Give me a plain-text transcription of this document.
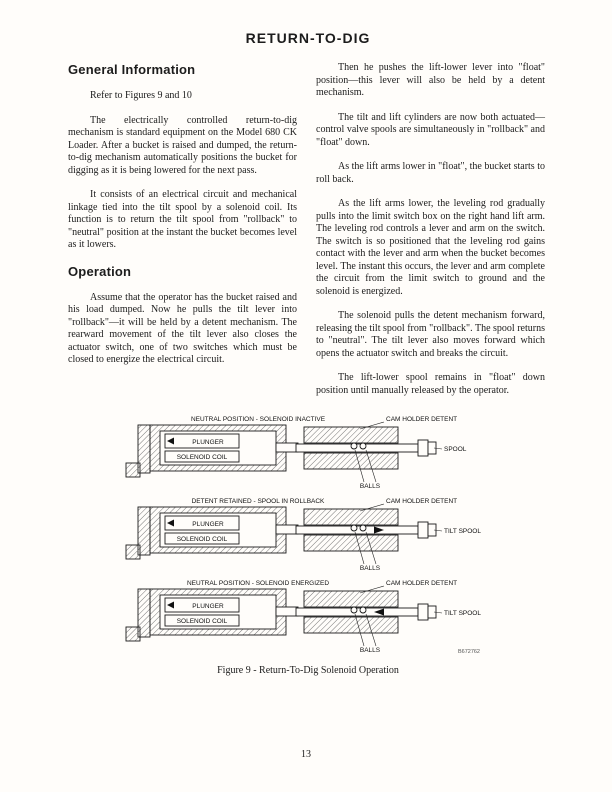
RETURN-TO-DIG
General Information

Refer to Figures 9 and 10

The electrically controlled return-to-dig mechanism is standard equipment on the Model 680 CK Loader. After a bucket is raised and dumped, the return-to-dig mechanism automatically positions the bucket for digging as it is being lowered for the next pass.

It consists of an electrical circuit and mechanical linkage tied into the tilt spool by a solenoid coil. Its function is to return the tilt spool from "rollback" to "neutral" position at the instant the bucket becomes level as it lowers.

Operation

Assume that the operator has the bucket raised and his load dumped. Now he pulls the tilt lever into "rollback"—it will be held by a detent mechanism. The rearward movement of the tilt lever also closes the actuator switch, one of two switches which must be closed to energize the electrical circuit.

Then he pushes the lift-lower lever into "float" position—this lever will also be held by a detent mechanism.

The tilt and lift cylinders are now both actuated—control valve spools are simultaneously in "rollback" and "float" down.

As the lift arms lower in "float", the bucket starts to roll back.

As the lift arms lower, the leveling rod gradually pulls into the limit switch box on the right hand lift arm. The leveling rod controls a lever and arm on the switch. The switch is so positioned that the leveling rod gains contact with the lever and arm when the bucket becomes level. The instant this occurs, the lever and arm complete the circuit from the limit switch to ground and the solenoid is energized.

The solenoid pulls the detent mechanism forward, releasing the tilt spool from "rollback". The spool returns to "neutral". The tilt lever also moves forward which opens the actuator switch and breaks the circuit.

The lift-lower spool remains in "float" down position until manually released by the operator.

NEUTRAL POSITION - SOLENOID INACTIVE	CAM HOLDER DETENT
PLUNGER
SOLENOID COIL
SPOOL
BALLS
DETENT RETAINED - SPOOL IN ROLLBACK	CAM HOLDER DETENT
PLUNGER
SOLENOID COIL
TILT SPOOL
BALLS
NEUTRAL POSITION - SOLENOID ENERGIZED	CAM HOLDER DETENT
PLUNGER
SOLENOID COIL
TILT SPOOL
BALLS	B672762
Figure 9 - Return-To-Dig Solenoid Operation
13
